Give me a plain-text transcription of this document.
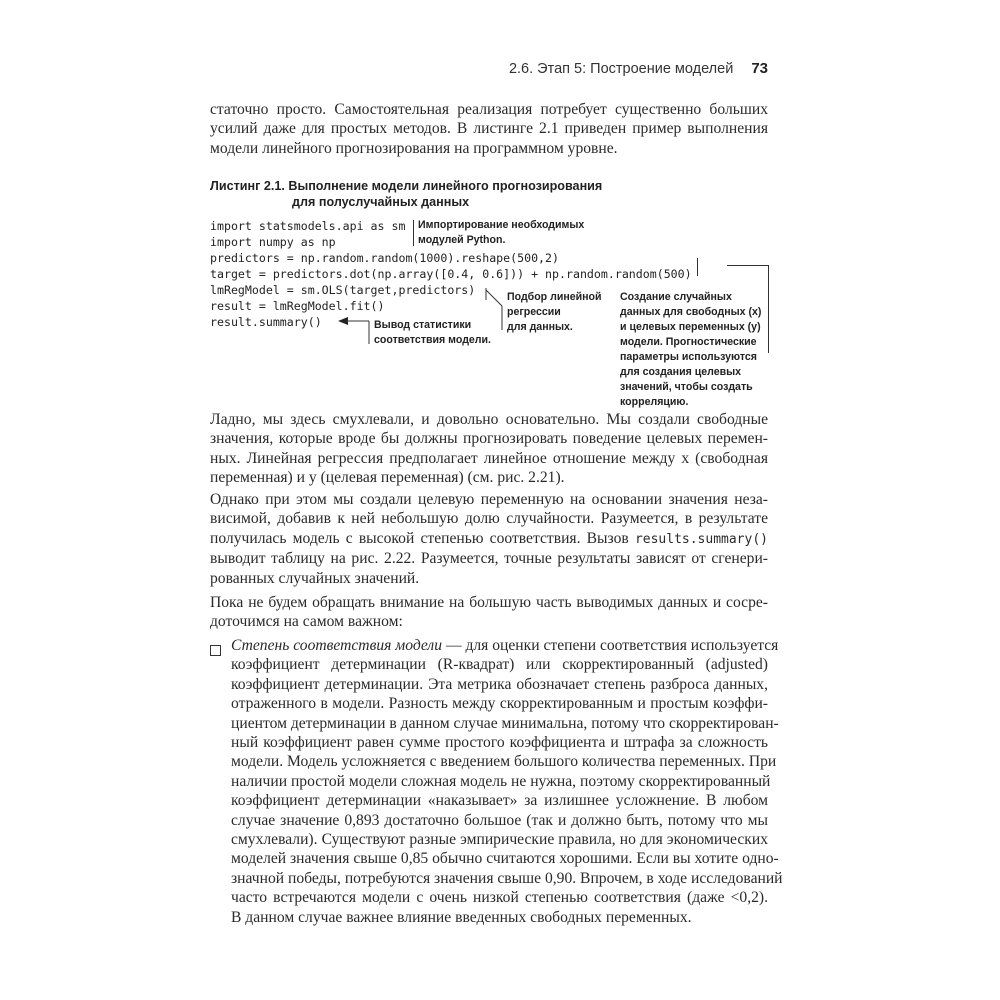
2.6. Этап 5: Построение моделей 73
статочно просто. Самостоятельная реализация потребует существенно больших
усилий даже для простых методов. В листинге 2.1 приведен пример выполнения
модели линейного прогнозирования на программном уровне.
Листинг 2.1. Выполнение модели линейного прогнозирования
для полуслучайных данных
import statsmodels.api as sm
import numpy as np
predictors = np.random.random(1000).reshape(500,2)
target = predictors.dot(np.array([0.4, 0.6])) + np.random.random(500)
lmRegModel = sm.OLS(target,predictors)
result = lmRegModel.fit()
result.summary()
Импортирование необходимых
модулей Python.
Подбор линейной
регрессии
для данных.
Вывод статистики
соответствия модели.
Создание случайных
данных для свободных (x)
и целевых переменных (y)
модели. Прогностические
параметры используются
для создания целевых
значений, чтобы создать
корреляцию.
Ладно, мы здесь смухлевали, и довольно основательно. Мы создали свободные
значения, которые вроде бы должны прогнозировать поведение целевых перемен-
ных. Линейная регрессия предполагает линейное отношение между x (свободная
переменная) и y (целевая переменная) (см. рис. 2.21).
Однако при этом мы создали целевую переменную на основании значения неза-
висимой, добавив к ней небольшую долю случайности. Разумеется, в результате
получилась модель с высокой степенью соответствия. Вызов results.summary()
выводит таблицу на рис. 2.22. Разумеется, точные результаты зависят от сгенери-
рованных случайных значений.
Пока не будем обращать внимание на большую часть выводимых данных и сосре-
доточимся на самом важном:
Степень соответствия модели — для оценки степени соответствия используется
коэффициент детерминации (R-квадрат) или скорректированный (adjusted)
коэффициент детерминации. Эта метрика обозначает степень разброса данных,
отраженного в модели. Разность между скорректированным и простым коэффи-
циентом детерминации в данном случае минимальна, потому что скорректирован-
ный коэффициент равен сумме простого коэффициента и штрафа за сложность
модели. Модель усложняется с введением большого количества переменных. При
наличии простой модели сложная модель не нужна, поэтому скорректированный
коэффициент детерминации «наказывает» за излишнее усложнение. В любом
случае значение 0,893 достаточно большое (так и должно быть, потому что мы
смухлевали). Существуют разные эмпирические правила, но для экономических
моделей значения свыше 0,85 обычно считаются хорошими. Если вы хотите одно-
значной победы, потребуются значения свыше 0,90. Впрочем, в ходе исследований
часто встречаются модели с очень низкой степенью соответствия (даже <0,2).
В данном случае важнее влияние введенных свободных переменных.
